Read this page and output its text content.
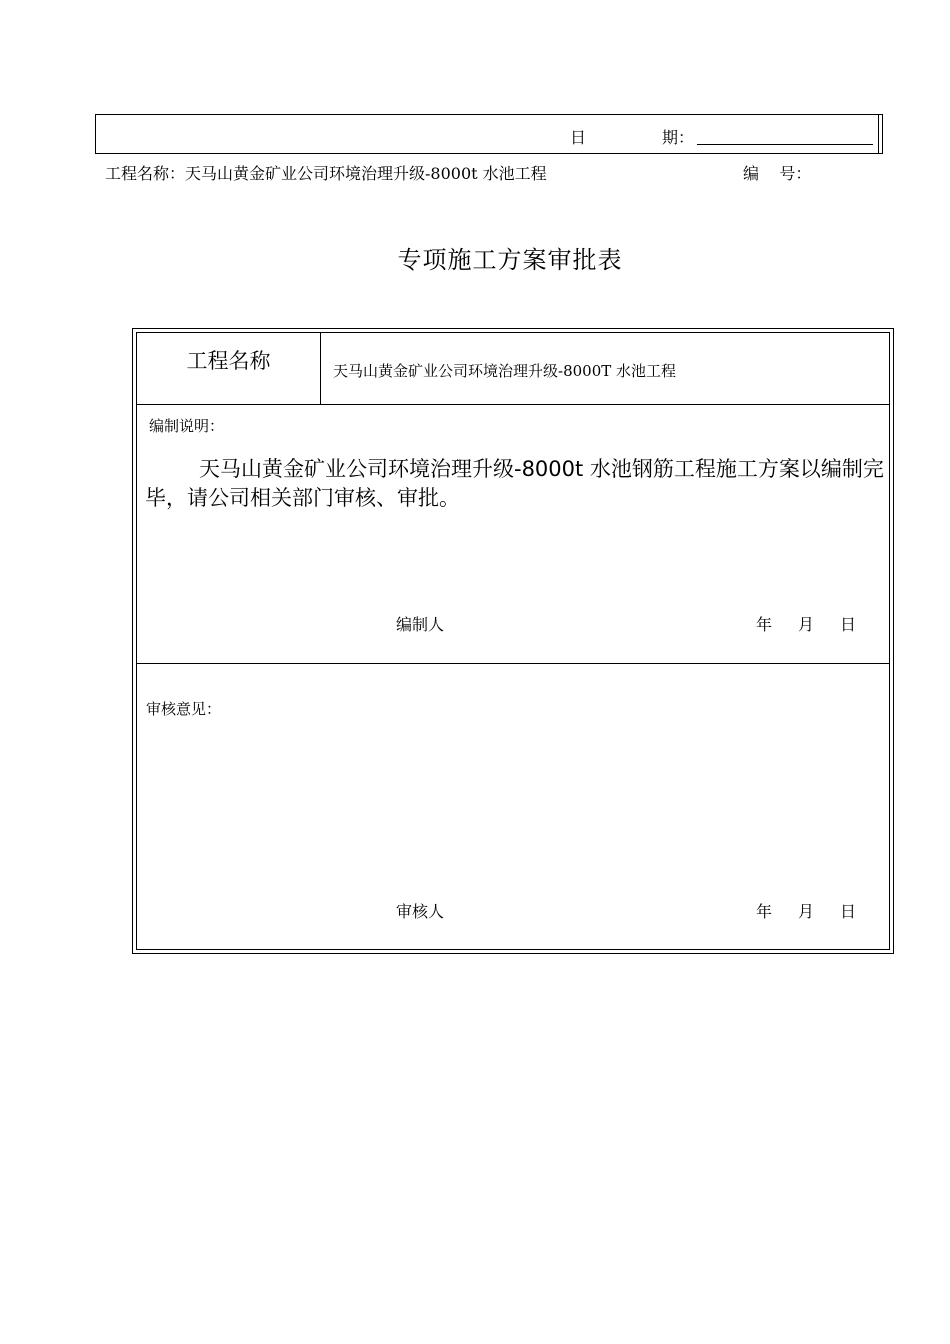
日	期：
工程名称：天马山黄金矿业公司环境治理升级-8000t 水池工程	编    号：
专项施工方案审批表
工程名称	天马山黄金矿业公司环境治理升级-8000T 水池工程
编制说明：
天马山黄金矿业公司环境治理升级-8000t 水池钢筋工程施工方案以编制完毕，请公司相关部门审核、审批。
编制人	年 月 日
审核意见：
审核人	年 月 日
